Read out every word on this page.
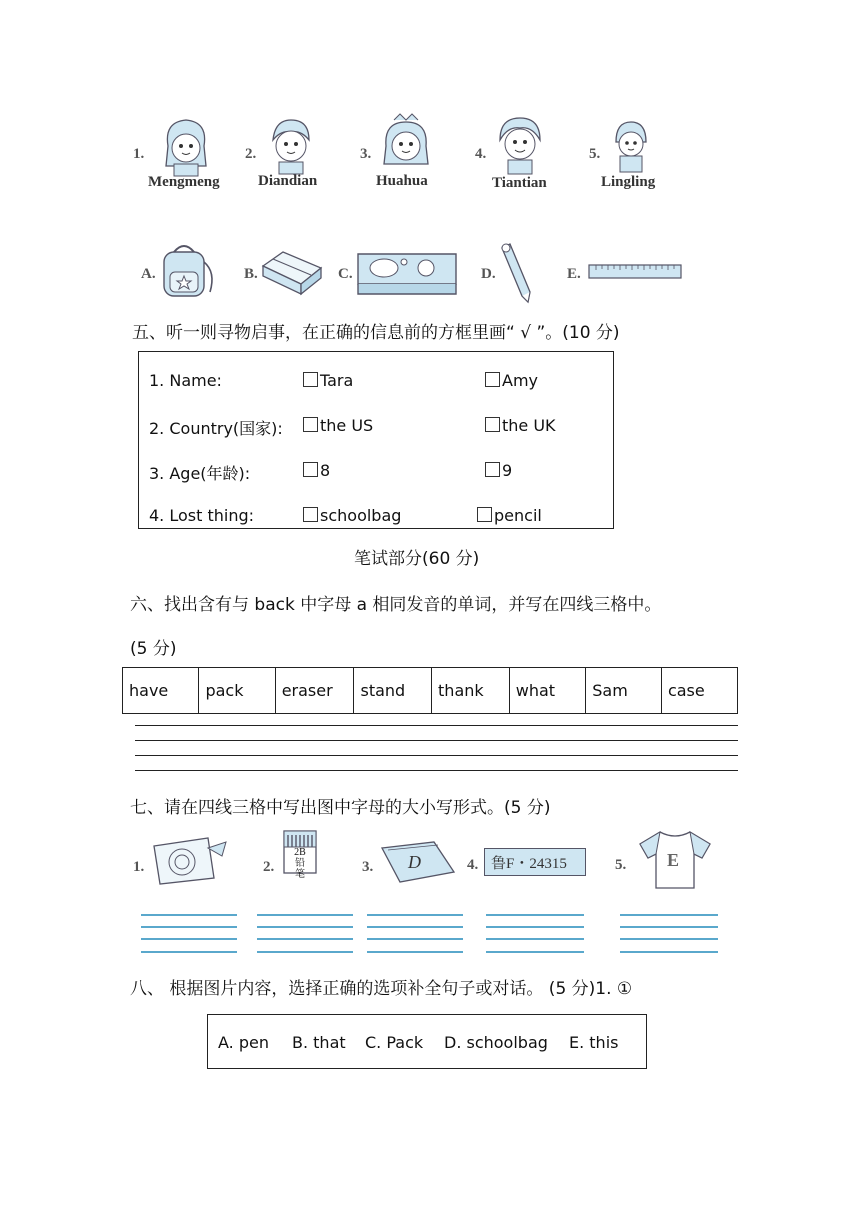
1.
Mengmeng
2.
Diandian
3.
Huahua
4.
Tiantian
5.
Lingling
A.	B.	C.	D.	E.
五、听一则寻物启事，在正确的信息前的方框里画“ √ ”。(10 分)
1. Name:	Tara	Amy
2. Country(国家):	the US	the UK
3. Age(年龄):	8	9
4. Lost thing:	schoolbag	pencil
笔试部分(60 分)
六、找出含有与 back 中字母 a 相同发音的单词，并写在四线三格中。
(5 分)
have	pack	eraser	stand	thank	what	Sam	case
七、请在四线三格中写出图中字母的大小写形式。(5 分)
1.	2.
2B 铅笔	3. D	4. 鲁F・24315	5. E
八、 根据图片内容，选择正确的选项补全句子或对话。 (5 分)1. ①
A. pen B. that C. Pack D. schoolbag E. this
